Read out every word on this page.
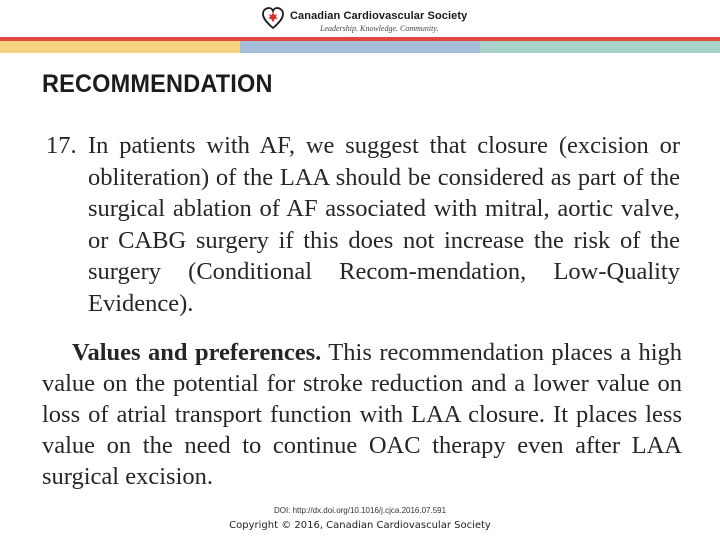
Canadian Cardiovascular Society
Leadership. Knowledge. Community.
RECOMMENDATION
17. In patients with AF, we suggest that closure (excision or obliteration) of the LAA should be considered as part of the surgical ablation of AF associated with mitral, aortic valve, or CABG surgery if this does not increase the risk of the surgery (Conditional Recom-mendation, Low-Quality Evidence).
Values and preferences. This recommendation places a high value on the potential for stroke reduction and a lower value on loss of atrial transport function with LAA closure. It places less value on the need to continue OAC therapy even after LAA surgical excision.
DOI: http://dx.doi.org/10.1016/j.cjca.2016.07.591
Copyright © 2016, Canadian Cardiovascular Society
